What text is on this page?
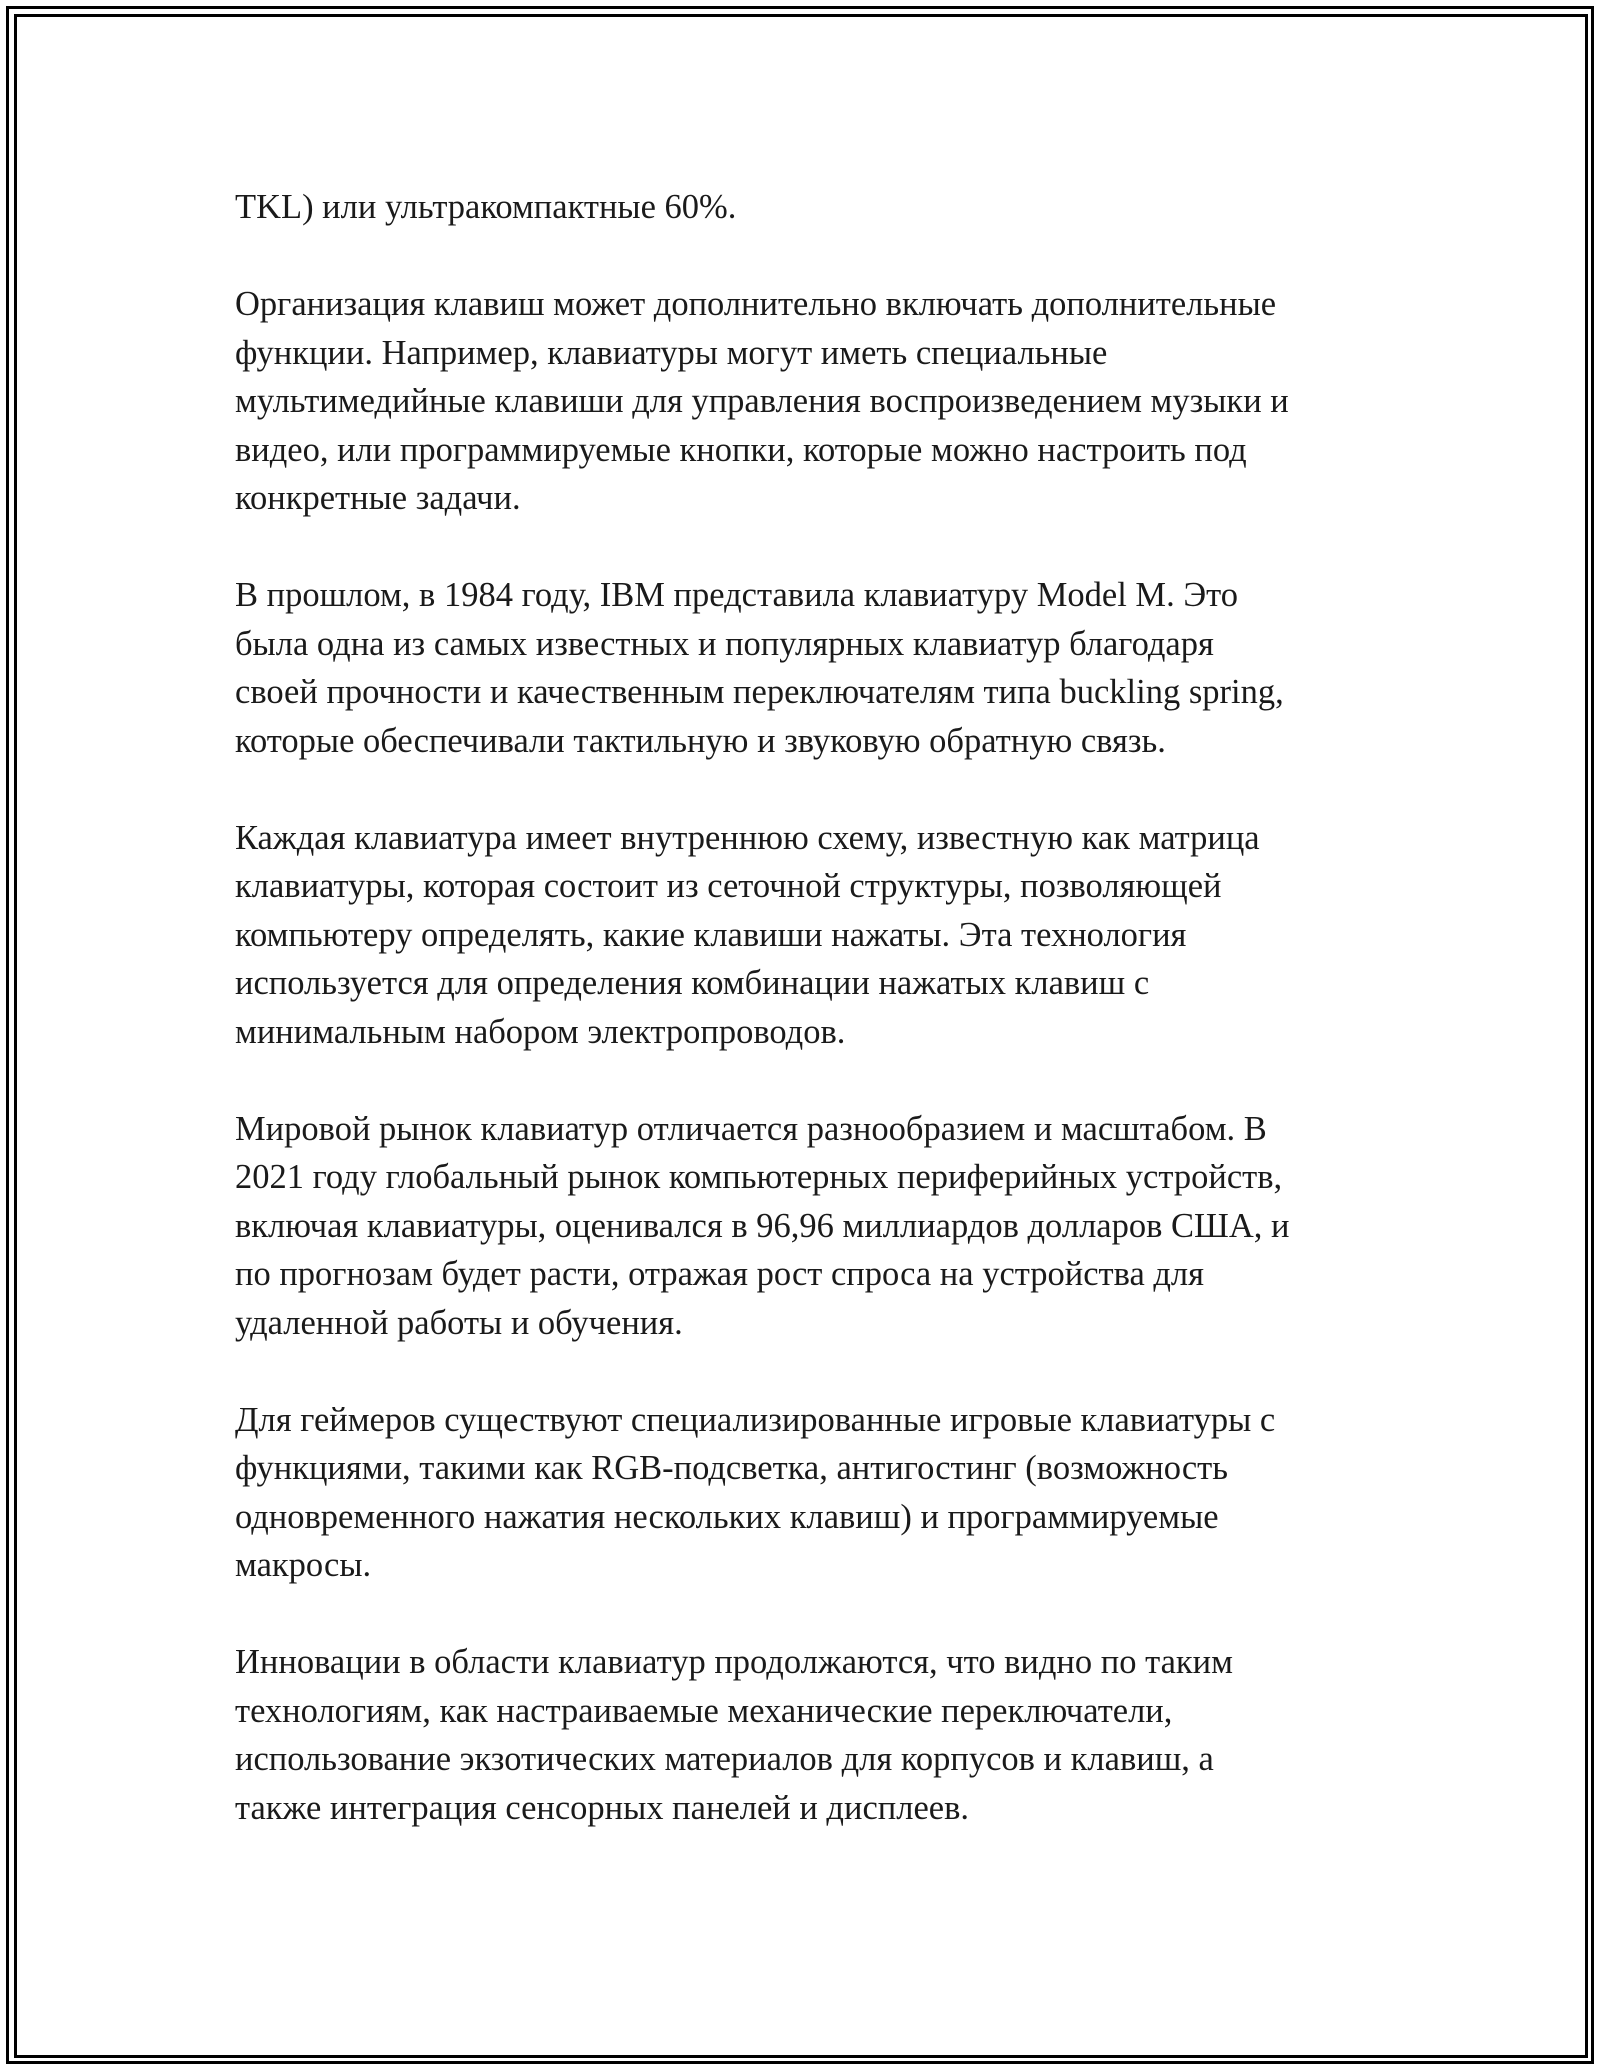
TKL) или ультракомпактные 60%.

Организация клавиш может дополнительно включать дополнительные
функции. Например, клавиатуры могут иметь специальные
мультимедийные клавиши для управления воспроизведением музыки и
видео, или программируемые кнопки, которые можно настроить под
конкретные задачи.

В прошлом, в 1984 году, IBM представила клавиатуру Model M. Это
была одна из самых известных и популярных клавиатур благодаря
своей прочности и качественным переключателям типа buckling spring,
которые обеспечивали тактильную и звуковую обратную связь.

Каждая клавиатура имеет внутреннюю схему, известную как матрица
клавиатуры, которая состоит из сеточной структуры, позволяющей
компьютеру определять, какие клавиши нажаты. Эта технология
используется для определения комбинации нажатых клавиш с
минимальным набором электропроводов.

Мировой рынок клавиатур отличается разнообразием и масштабом. В
2021 году глобальный рынок компьютерных периферийных устройств,
включая клавиатуры, оценивался в 96,96 миллиардов долларов США, и
по прогнозам будет расти, отражая рост спроса на устройства для
удаленной работы и обучения.

Для геймеров существуют специализированные игровые клавиатуры с
функциями, такими как RGB-подсветка, антигостинг (возможность
одновременного нажатия нескольких клавиш) и программируемые
макросы.

Инновации в области клавиатур продолжаются, что видно по таким
технологиям, как настраиваемые механические переключатели,
использование экзотических материалов для корпусов и клавиш, а
также интеграция сенсорных панелей и дисплеев.
